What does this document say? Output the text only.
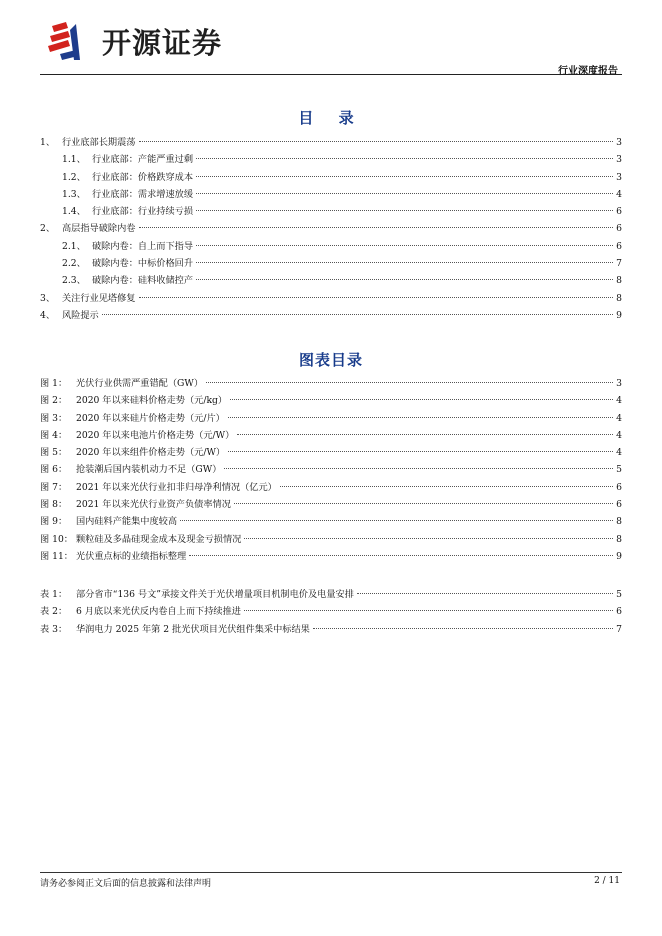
开源证券
行业深度报告
目 录
1、 行业底部长期震荡	3
1.1、 行业底部：产能严重过剩	3
1.2、 行业底部：价格跌穿成本	3
1.3、 行业底部：需求增速放缓	4
1.4、 行业底部：行业持续亏损	6
2、 高层指导破除内卷	6
2.1、 破除内卷：自上而下指导	6
2.2、 破除内卷：中标价格回升	7
2.3、 破除内卷：硅料收储控产	8
3、 关注行业见塔修复	8
4、 风险提示	9
图表目录
图 1： 光伏行业供需严重错配（GW）	3
图 2： 2020 年以来硅料价格走势（元/kg）	4
图 3： 2020 年以来硅片价格走势（元/片）	4
图 4： 2020 年以来电池片价格走势（元/W）	4
图 5： 2020 年以来组件价格走势（元/W）	4
图 6： 抢装潮后国内装机动力不足（GW）	5
图 7： 2021 年以来光伏行业扣非归母净利情况（亿元）	6
图 8： 2021 年以来光伏行业资产负债率情况	6
图 9： 国内硅料产能集中度较高	8
图 10： 颗粒硅及多晶硅现金成本及现金亏损情况	8
图 11： 光伏重点标的业绩指标整理	9
表 1： 部分省市“136 号文”承接文件关于光伏增量项目机制电价及电量安排	5
表 2： 6 月底以来光伏反内卷自上而下持续推进	6
表 3： 华润电力 2025 年第 2 批光伏项目光伏组件集采中标结果	7
请务必参阅正文后面的信息披露和法律声明	2 / 11
